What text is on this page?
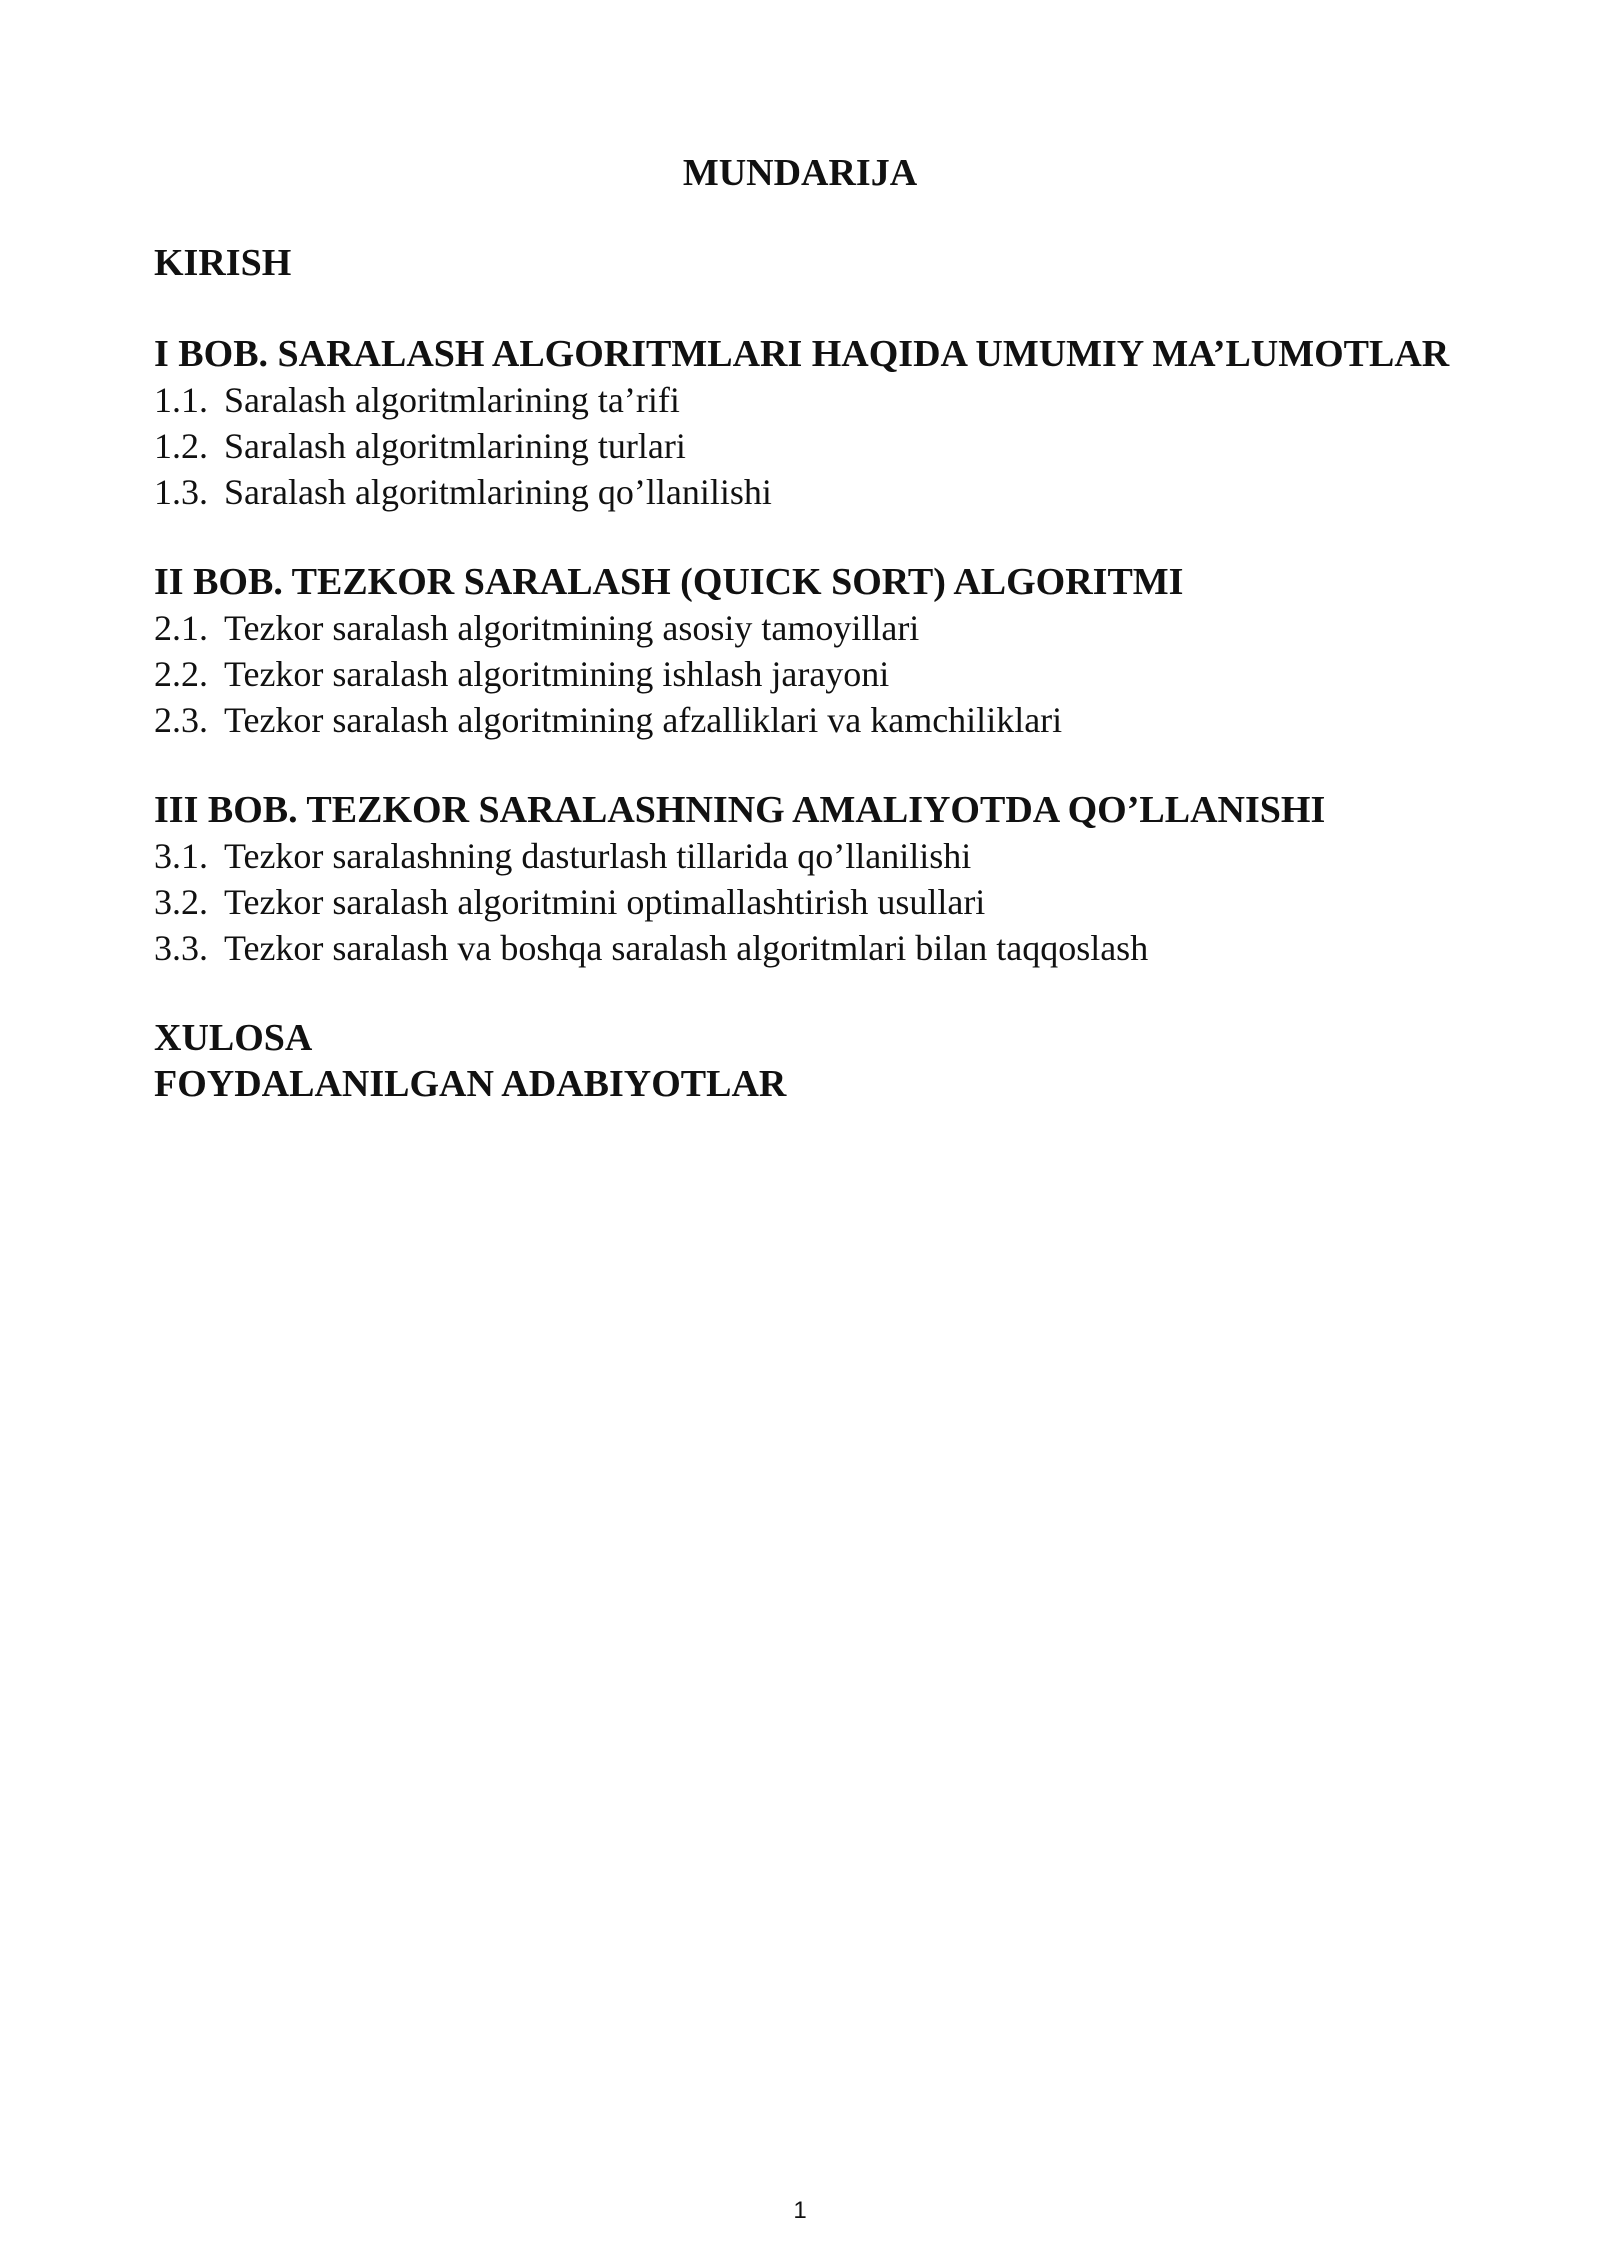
MUNDARIJA
KIRISH
I BOB. SARALASH ALGORITMLARI HAQIDA UMUMIY MA’LUMOTLAR
1.1. Saralash algoritmlarining ta’rifi
1.2. Saralash algoritmlarining turlari
1.3. Saralash algoritmlarining qo’llanilishi
II BOB. TEZKOR SARALASH (QUICK SORT) ALGORITMI
2.1. Tezkor saralash algoritmining asosiy tamoyillari
2.2. Tezkor saralash algoritmining ishlash jarayoni
2.3. Tezkor saralash algoritmining afzalliklari va kamchiliklari
III BOB. TEZKOR SARALASHNING AMALIYOTDA QO’LLANISHI
3.1. Tezkor saralashning dasturlash tillarida qo’llanilishi
3.2. Tezkor saralash algoritmini optimallashtirish usullari
3.3. Tezkor saralash va boshqa saralash algoritmlari bilan taqqoslash
XULOSA
FOYDALANILGAN ADABIYOTLAR
1
